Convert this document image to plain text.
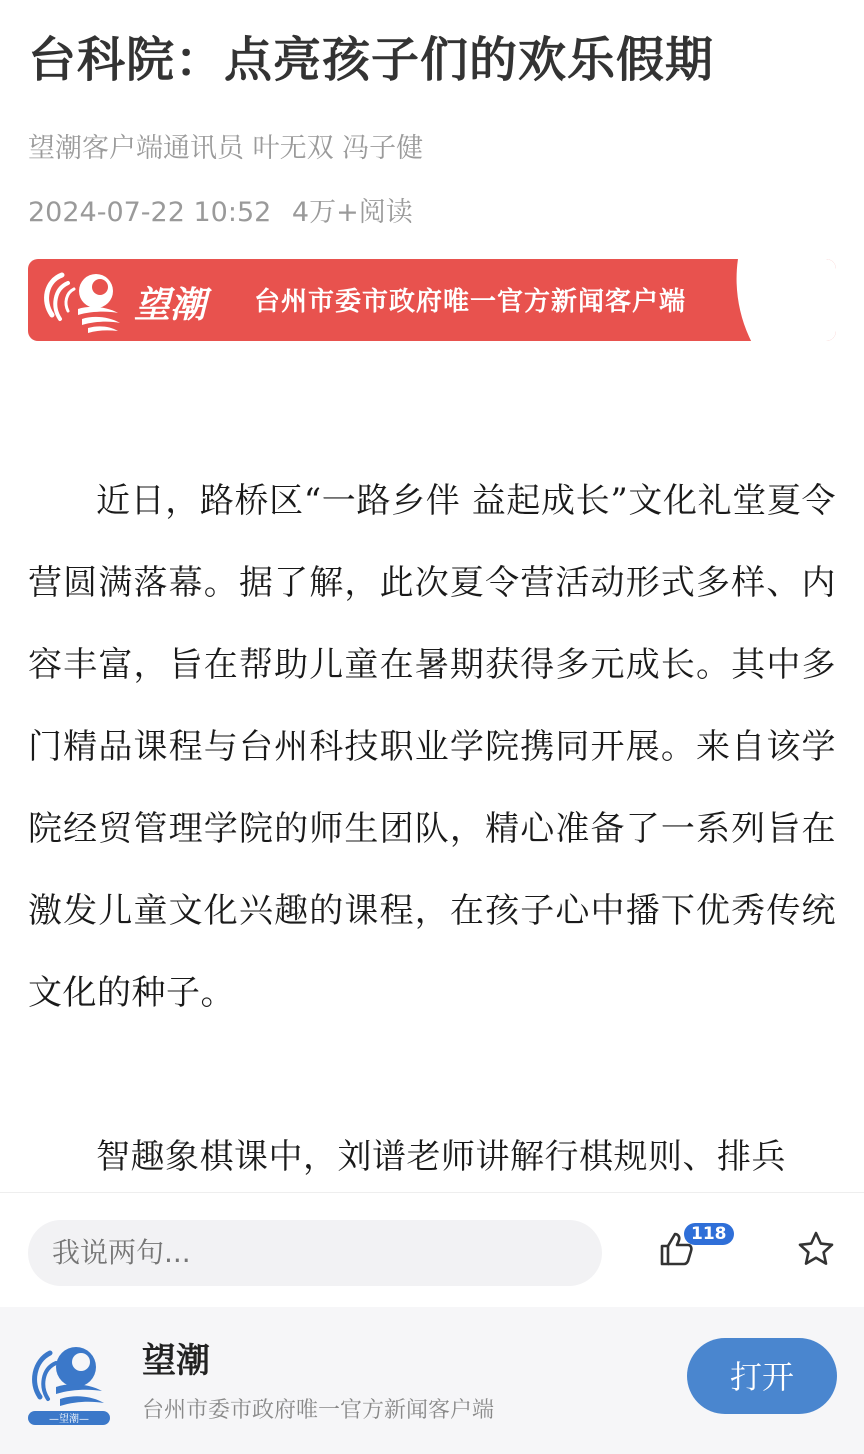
台科院：点亮孩子们的欢乐假期
望潮客户端通讯员 叶无双 冯子健
2024-07-22 10:52 4万+阅读
望潮 台州市委市政府唯一官方新闻客户端

近日，路桥区“一路乡伴 益起成长”文化礼堂夏令营圆满落幕。据了解，此次夏令营活动形式多样、内容丰富，旨在帮助儿童在暑期获得多元成长。其中多门精品课程与台州科技职业学院携同开展。来自该学院经贸管理学院的师生团队，精心准备了一系列旨在激发儿童文化兴趣的课程，在孩子心中播下优秀传统文化的种子。

智趣象棋课中，刘谱老师讲解行棋规则、排兵

我说两句...
118
—望潮—
望潮
台州市委市政府唯一官方新闻客户端
打开
